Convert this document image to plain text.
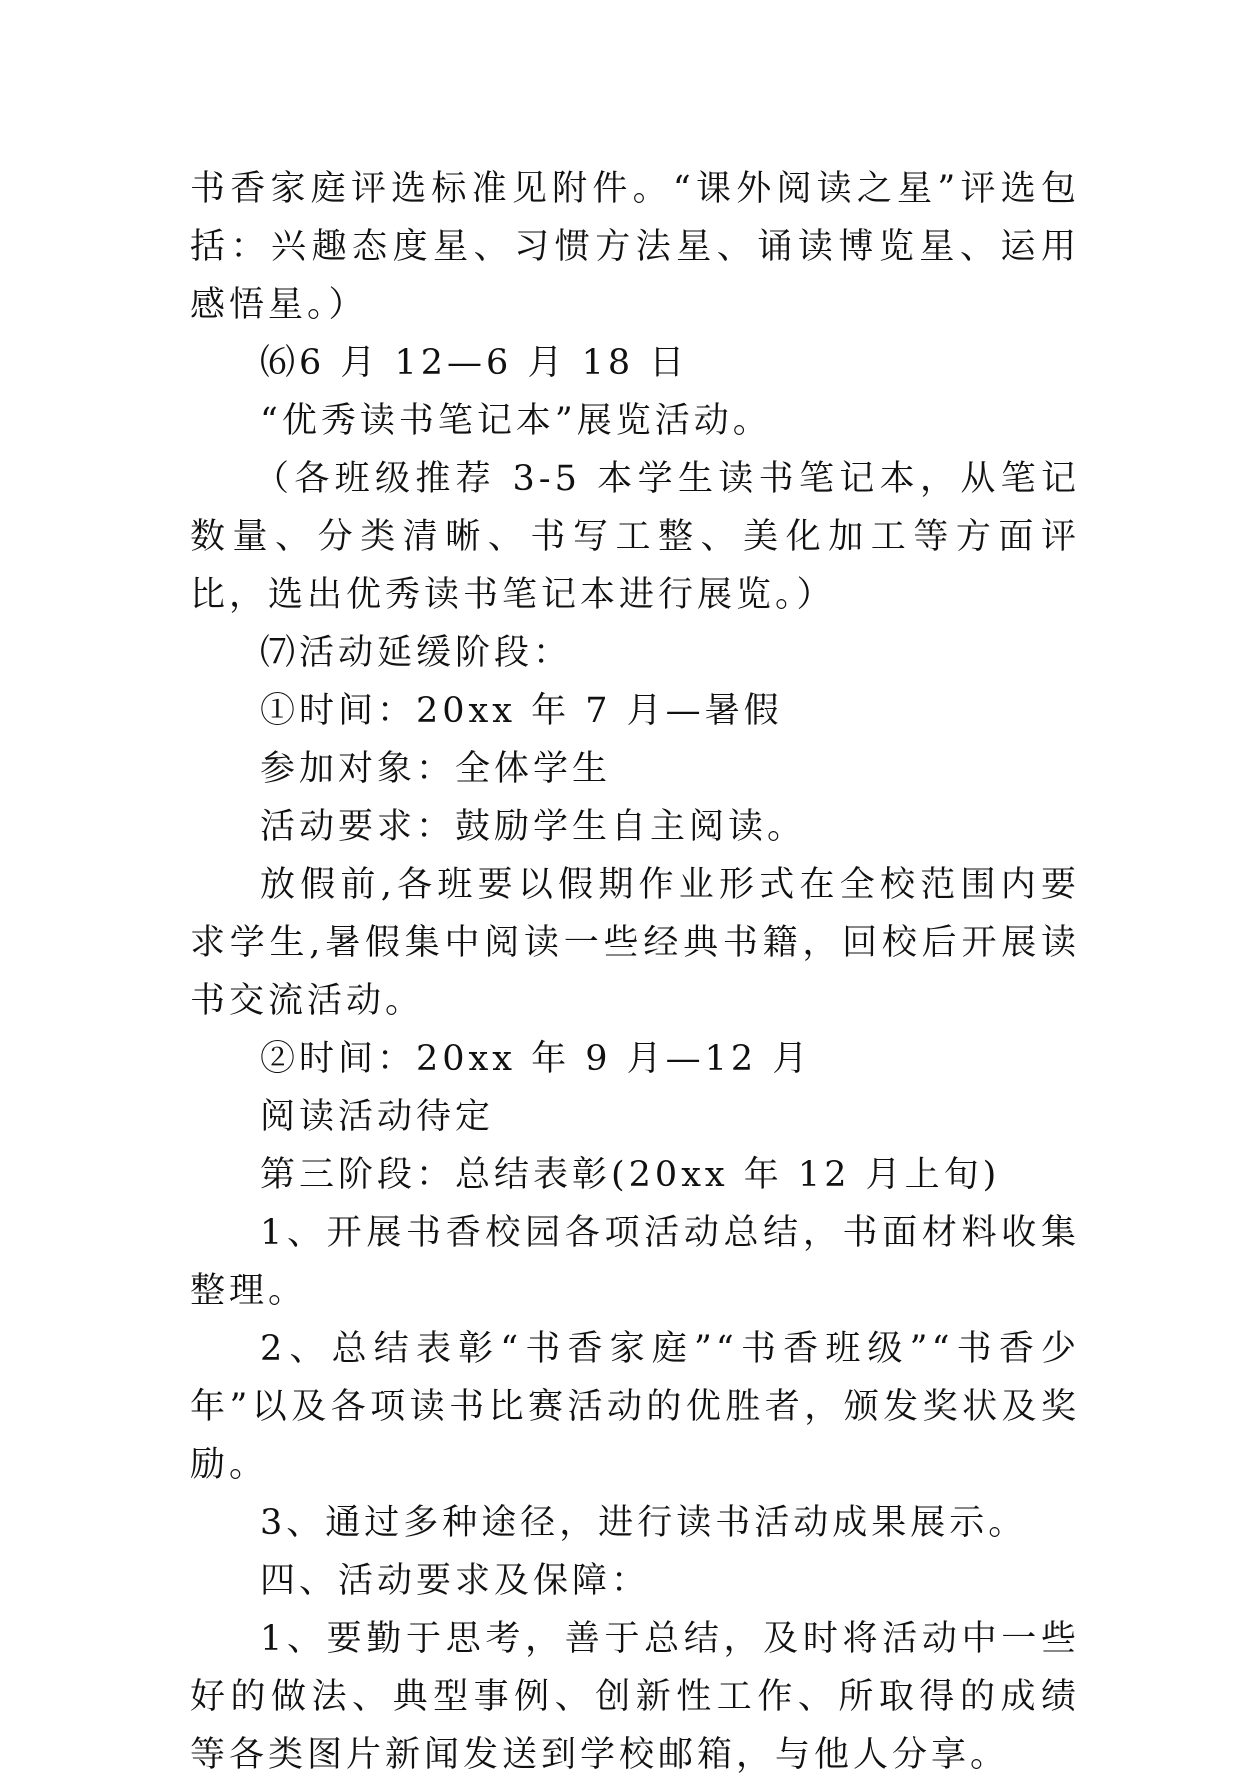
书香家庭评选标准见附件。“课外阅读之星”评选包括：兴趣态度星、习惯方法星、诵读博览星、运用感悟星。）

⑹6 月 12—6 月 18 日

“优秀读书笔记本”展览活动。

（各班级推荐 3-5 本学生读书笔记本，从笔记数量、分类清晰、书写工整、美化加工等方面评比，选出优秀读书笔记本进行展览。）

⑺活动延缓阶段：

①时间：20xx 年 7 月—暑假

参加对象：全体学生

活动要求：鼓励学生自主阅读。

放假前,各班要以假期作业形式在全校范围内要求学生,暑假集中阅读一些经典书籍，回校后开展读书交流活动。

②时间：20xx 年 9 月—12 月

阅读活动待定

第三阶段：总结表彰(20xx 年 12 月上旬)

1、开展书香校园各项活动总结，书面材料收集整理。

2、总结表彰“书香家庭”“书香班级”“书香少年”以及各项读书比赛活动的优胜者，颁发奖状及奖励。

3、通过多种途径，进行读书活动成果展示。

四、活动要求及保障：

1、要勤于思考，善于总结，及时将活动中一些好的做法、典型事例、创新性工作、所取得的成绩等各类图片新闻发送到学校邮箱，与他人分享。
